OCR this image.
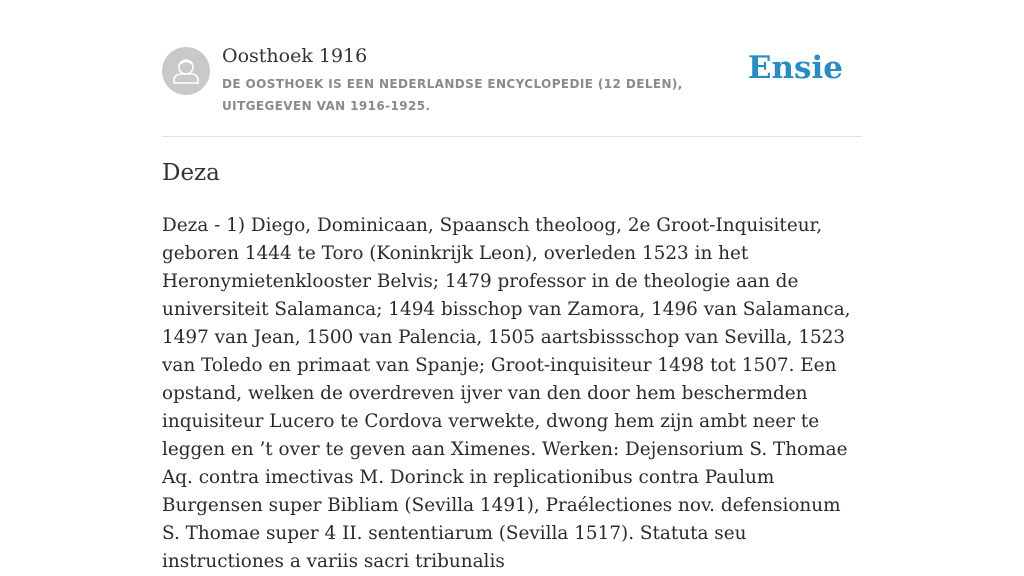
Oosthoek 1916
DE OOSTHOEK IS EEN NEDERLANDSE ENCYCLOPEDIE (12 DELEN), UITGEGEVEN VAN 1916-1925.
Ensie
Deza

Deza - 1) Diego, Dominicaan, Spaansch theoloog, 2e Groot-Inquisiteur, geboren 1444 te Toro (Koninkrijk Leon), overleden 1523 in het Heronymietenklooster Belvis; 1479 professor in de theologie aan de universiteit Salamanca; 1494 bisschop van Zamora, 1496 van Salamanca, 1497 van Jean, 1500 van Palencia, 1505 aartsbissschop van Sevilla, 1523 van Toledo en primaat van Spanje; Groot-inquisiteur 1498 tot 1507. Een opstand, welken de overdreven ijver van den door hem beschermden inquisiteur Lucero te Cordova verwekte, dwong hem zijn ambt neer te leggen en ’t over te geven aan Ximenes. Werken: Dejensorium S. Thomae Aq. contra imectivas M. Dorinck in replicationibus contra Paulum Burgensen super Bibliam (Sevilla 1491), Praélectiones nov. defensionum S. Thomae super 4 II. sententiarum (Sevilla 1517). Statuta seu instructiones a variis sacri tribunalis
